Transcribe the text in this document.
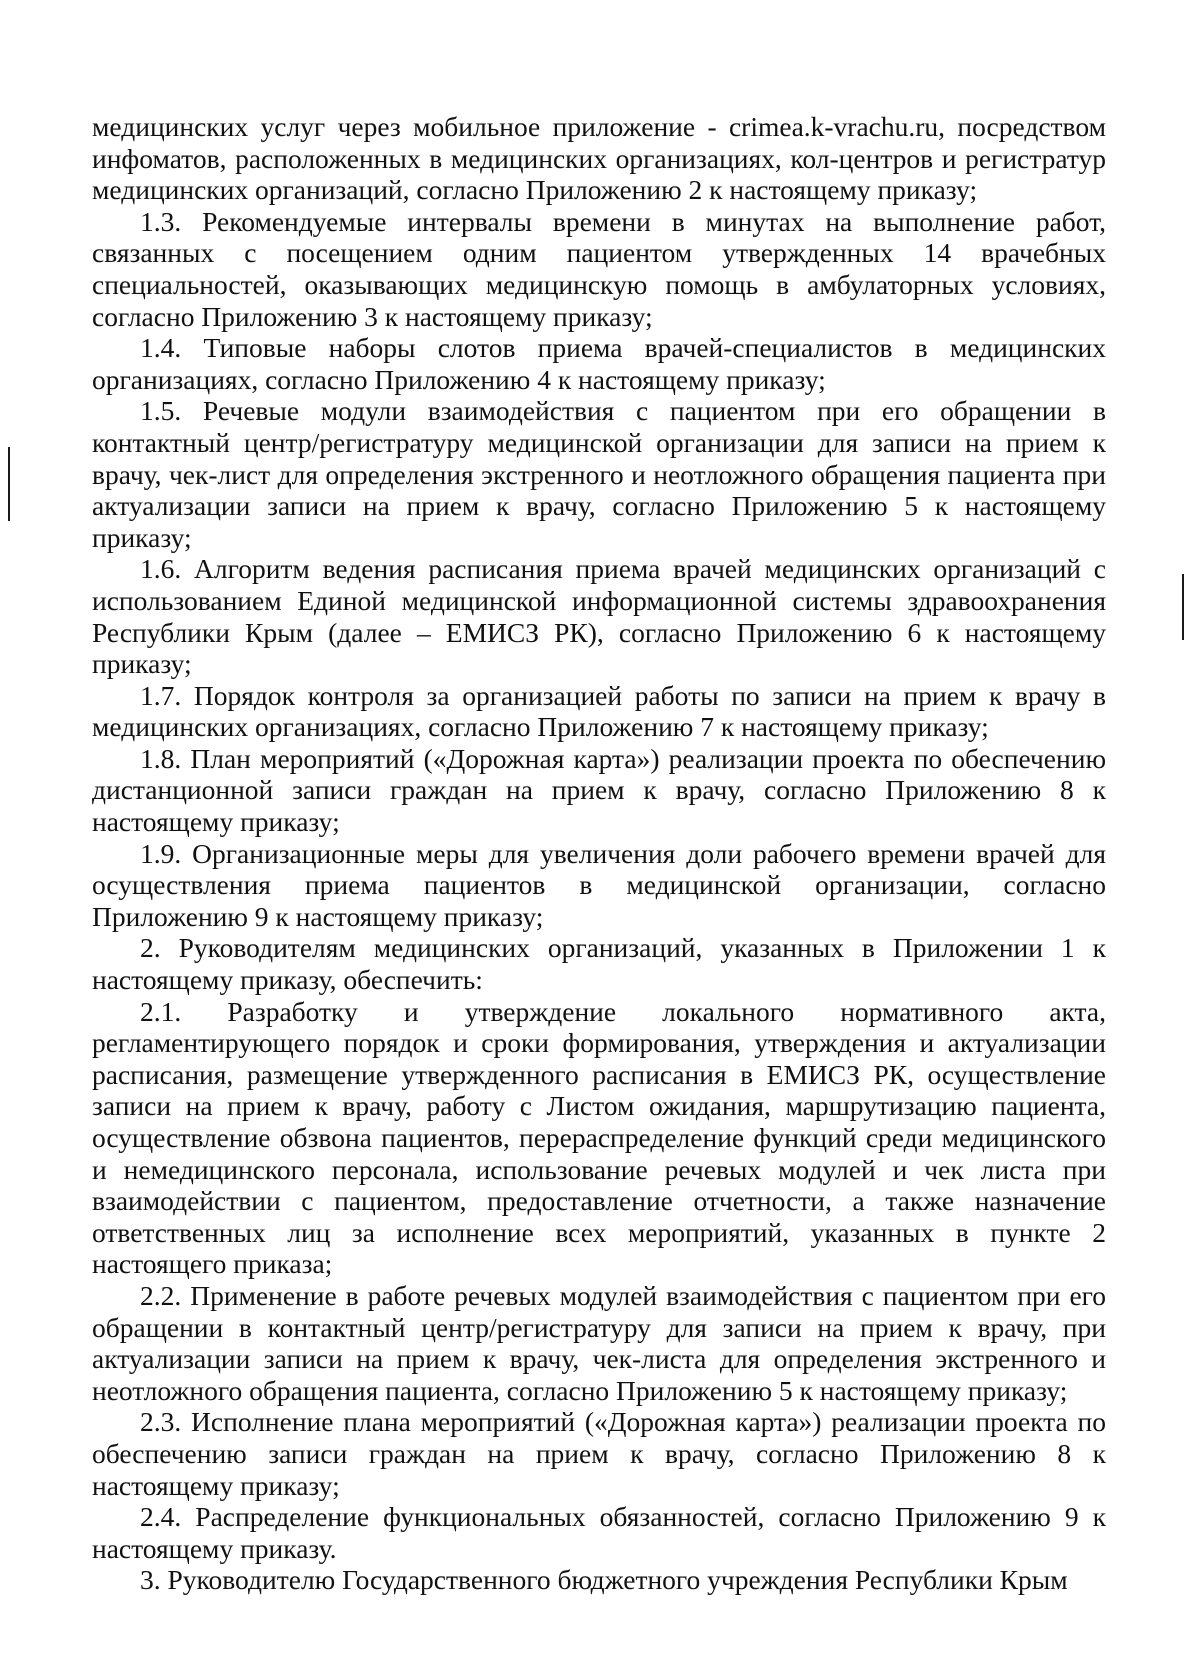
медицинских услуг через мобильное приложение - crimea.k-vrachu.ru, посредством инфоматов, расположенных в медицинских организациях, кол-центров и регистратур медицинских организаций, согласно Приложению 2 к настоящему приказу;

1.3. Рекомендуемые интервалы времени в минутах на выполнение работ, связанных с посещением одним пациентом утвержденных 14 врачебных специальностей, оказывающих медицинскую помощь в амбулаторных условиях, согласно Приложению 3 к настоящему приказу;

1.4. Типовые наборы слотов приема врачей-специалистов в медицинских организациях, согласно Приложению 4 к настоящему приказу;

1.5. Речевые модули взаимодействия с пациентом при его обращении в контактный центр/регистратуру медицинской организации для записи на прием к врачу, чек-лист для определения экстренного и неотложного обращения пациента при актуализации записи на прием к врачу, согласно Приложению 5 к настоящему приказу;

1.6. Алгоритм ведения расписания приема врачей медицинских организаций с использованием Единой медицинской информационной системы здравоохранения Республики Крым (далее – ЕМИСЗ РК), согласно Приложению 6 к настоящему приказу;

1.7. Порядок контроля за организацией работы по записи на прием к врачу в медицинских организациях, согласно Приложению 7 к настоящему приказу;

1.8. План мероприятий («Дорожная карта») реализации проекта по обеспечению дистанционной записи граждан на прием к врачу, согласно Приложению 8 к настоящему приказу;

1.9. Организационные меры для увеличения доли рабочего времени врачей для осуществления приема пациентов в медицинской организации, согласно Приложению 9 к настоящему приказу;

2. Руководителям медицинских организаций, указанных в Приложении 1 к настоящему приказу, обеспечить:

2.1. Разработку и утверждение локального нормативного акта, регламентирующего порядок и сроки формирования, утверждения и актуализации расписания, размещение утвержденного расписания в ЕМИСЗ РК, осуществление записи на прием к врачу, работу с Листом ожидания, маршрутизацию пациента, осуществление обзвона пациентов, перераспределение функций среди медицинского и немедицинского персонала, использование речевых модулей и чек листа при взаимодействии с пациентом, предоставление отчетности, а также назначение ответственных лиц за исполнение всех мероприятий, указанных в пункте 2 настоящего приказа;

2.2. Применение в работе речевых модулей взаимодействия с пациентом при его обращении в контактный центр/регистратуру для записи на прием к врачу, при актуализации записи на прием к врачу, чек-листа для определения экстренного и неотложного обращения пациента, согласно Приложению 5 к настоящему приказу;

2.3. Исполнение плана мероприятий («Дорожная карта») реализации проекта по обеспечению записи граждан на прием к врачу, согласно Приложению 8 к настоящему приказу;

2.4. Распределение функциональных обязанностей, согласно Приложению 9 к настоящему приказу.

3. Руководителю Государственного бюджетного учреждения Республики Крым
